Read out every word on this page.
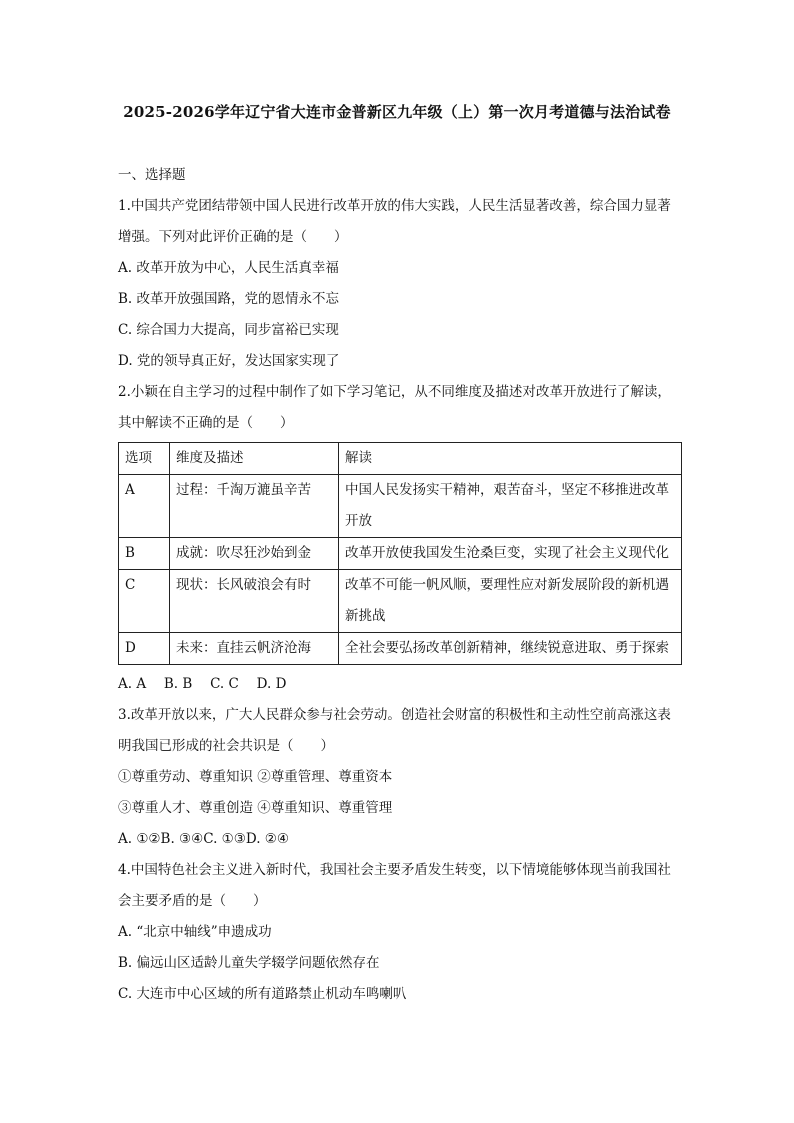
2025-2026学年辽宁省大连市金普新区九年级（上）第一次月考道德与法治试卷
一、选择题
1.中国共产党团结带领中国人民进行改革开放的伟大实践，人民生活显著改善，综合国力显著增强。下列对此评价正确的是（　　）
A. 改革开放为中心，人民生活真幸福
B. 改革开放强国路，党的恩情永不忘
C. 综合国力大提高，同步富裕已实现
D. 党的领导真正好，发达国家实现了
2.小颖在自主学习的过程中制作了如下学习笔记，从不同维度及描述对改革开放进行了解读，其中解读不正确的是（　　）
选项	维度及描述	解读
A	过程：千淘万漉虽辛苦	中国人民发扬实干精神，艰苦奋斗，坚定不移推进改革开放
B	成就：吹尽狂沙始到金	改革开放使我国发生沧桑巨变，实现了社会主义现代化
C	现状：长风破浪会有时	改革不可能一帆风顺，要理性应对新发展阶段的新机遇新挑战
D	未来：直挂云帆济沧海	全社会要弘扬改革创新精神，继续锐意进取、勇于探索
A. A　 B. B　 C. C　 D. D
3.改革开放以来，广大人民群众参与社会劳动。创造社会财富的积极性和主动性空前高涨这表明我国已形成的社会共识是（　　）
①尊重劳动、尊重知识 ②尊重管理、尊重资本
③尊重人才、尊重创造 ④尊重知识、尊重管理
A. ①②B. ③④C. ①③D. ②④
4.中国特色社会主义进入新时代，我国社会主要矛盾发生转变，以下情境能够体现当前我国社会主要矛盾的是（　　）
A. “北京中轴线”申遗成功
B. 偏远山区适龄儿童失学辍学问题依然存在
C. 大连市中心区域的所有道路禁止机动车鸣喇叭
